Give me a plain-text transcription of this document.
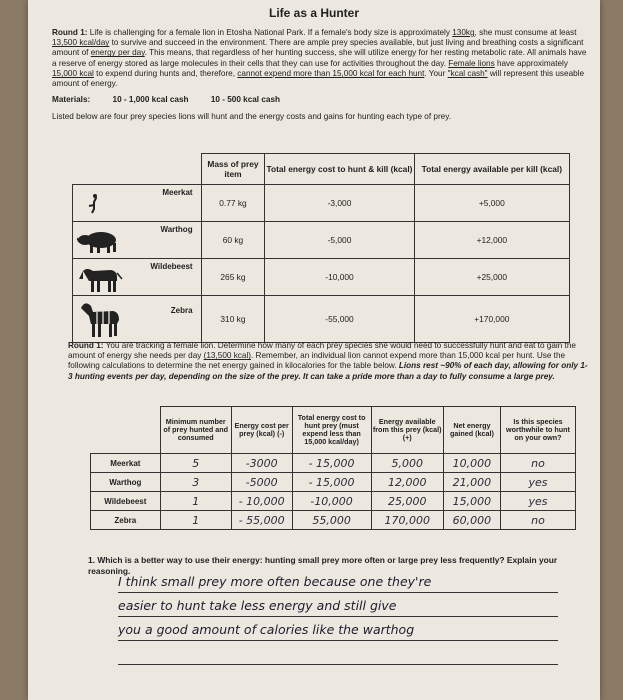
Life as a Hunter
Round 1: Life is challenging for a female lion in Etosha National Park. If a female's body size is approximately 130kg, she must consume at least 13,500 kcal/day to survive and succeed in the environment. There are ample prey species available, but just living and breathing costs a significant amount of energy per day. This means, that regardless of her hunting success, she will utilize energy for her resting metabolic rate. All animals have a reserve of energy stored as large molecules in their cells that they can use for activities throughout the day. Female lions have approximately 15,000 kcal to expend during hunts and, therefore, cannot expend more than 15,000 kcal for each hunt. Your "kcal cash" will represent this useable amount of energy.
Materials:	10 - 1,000 kcal cash	10 - 500 kcal cash
Listed below are four prey species lions will hunt and the energy costs and gains for hunting each type of prey.
	Mass of prey item	Total energy cost to hunt & kill (kcal)	Total energy available per kill (kcal)

Meerkat	0.77 kg	-3,000	+5,000

Warthog	60 kg	-5,000	+12,000

Wildebeest	265 kg	-10,000	+25,000

Zebra	310 kg	-55,000	+170,000
Round 1: You are tracking a female lion. Determine how many of each prey species she would need to successfully hunt and eat to gain the amount of energy she needs per day (13,500 kcal). Remember, an individual lion cannot expend more than 15,000 kcal per hunt. Use the following calculations to determine the net energy gained in kilocalories for the table below. Lions rest ~90% of each day, allowing for only 1-3 hunting events per day, depending on the size of the prey. It can take a pride more than a day to fully consume a large prey.
	Minimum number of prey hunted and consumed	Energy cost per prey (kcal) (-)	Total energy cost to hunt prey (must expend less than 15,000 kcal/day)	Energy available from this prey (kcal) (+)	Net energy gained (kcal)	Is this species worthwhile to hunt on your own?
Meerkat	5	-3000	- 15,000	5,000	10,000	no
Warthog	3	-5000	- 15,000	12,000	21,000	yes
Wildebeest	1	- 10,000	-10,000	25,000	15,000	yes
Zebra	1	- 55,000	55,000	170,000	60,000	no
1. Which is a better way to use their energy: hunting small prey more often or large prey less frequently? Explain your reasoning.
I think small prey more often because one they're
easier to hunt take less energy and still give
you a good amount of calories like the warthog
